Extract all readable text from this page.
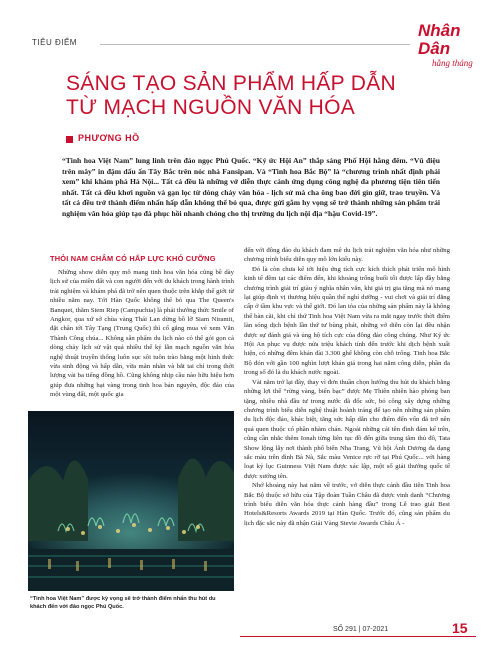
TIÊU ĐIỂM
Nhân Dân
hằng tháng
SÁNG TẠO SẢN PHẨM HẤP DẪN
TỪ MẠCH NGUỒN VĂN HÓA
PHƯƠNG HỒ
“Tinh hoa Việt Nam” lung linh trên đảo ngọc Phú Quốc. “Ký ức Hội An” thắp sáng Phố Hội hằng đêm. “Vũ điệu trên mây” in đậm dấu ấn Tây Bắc trên nóc nhà Fansipan. Và “Tinh hoa Bắc Bộ” là “chương trình nhất định phải xem” khi khám phá Hà Nội... Tất cả đều là những vở diễn thực cảnh ứng dụng công nghệ đa phương tiện tiên tiến nhất. Tất cả đều khơi nguồn và gạn lọc từ dòng chảy văn hóa - lịch sử mà cha ông bao đời gìn giữ, trao truyền. Và tất cả đều trở thành điểm nhấn hấp dẫn không thể bỏ qua, được gửi gắm hy vọng sẽ trở thành những sản phẩm trải nghiệm văn hóa giúp tạo đà phục hồi nhanh chóng cho thị trường du lịch nội địa “hậu Covid-19”.
THỎI NAM CHÂM CÓ HẤP LỰC KHÓ CƯỠNG

Những show diễn quy mô mang tinh hoa văn hóa cũng bề dày lịch sử của miền đất và con người đến với du khách trong hành trình trải nghiệm và khám phá đã trở nên quen thuộc trên khắp thế giới từ nhiều năm nay. Tới Hàn Quốc không thể bỏ qua The Queen's Banquet, thăm Siem Riep (Campuchia) là phải thưởng thức Smile of Angkor, qua xứ sở chùa vàng Thái Lan dừng bồ lỡ Siam Niramit, đặt chân tới Tây Tạng (Trung Quốc) thì cố gắng mua vé xem Văn Thành Công chúa... Không sân phẩm du lịch nào có thể gói gọn cả dòng chảy lịch sử vật quá nhiều thế kỷ lẫn mạch nguồn văn hóa nghệ thuật truyền thống luôn sục sôi tuôn trào bằng một hình thức vừa sinh động và hấp dẫn, vừa mãn nhãn và bắt tai chỉ trong thời lượng vài ba tiếng đồng hồ. Cũng không nhịp cầu nào hữu hiệu hơn giúp đưa những hạt vàng trong tinh hoa bản nguyên, độc đáo của một vùng đất, một quốc gia

đến với đông đảo du khách đam mê du lịch trải nghiệm văn hóa như những chương trình biểu diễn quy mô lớn kiểu này.

Đó là còn chưa kể tới hiệu ứng tích cực kích thích phát triển mô hình kinh tế đêm tại các điểm đến, khi khoảng trống buổi tối được lấp đầy bằng chương trình giải trí giàu ý nghĩa nhân văn, khi giá trị gia tăng mà nó mang lại giúp định vị thương hiệu quần thể nghỉ dưỡng - vui chơi và giải trí đẳng cấp ở tầm khu vực và thế giới. Đó lan tỏa của những sản phẩm này là không thể bàn cãi, khi chỉ thứ Tinh hoa Việt Nam vừa ra mắt ngay trước thời điểm làn sóng dịch bệnh lần thứ tư bùng phát, những vở diễn còn lại đều nhận được sự đánh giá và ủng hộ tích cực của đông đảo công chúng. Như Ký ức Hội An phục vụ được nửa triệu khách tính đến trước khi dịch bệnh xuất hiện, có những đêm khán đài 3.300 ghế không còn chỗ trống. Tinh hoa Bắc Bộ đón với gần 100 nghìn lượt khán giả trong hai năm công diễn, phần đa trong số đó là du khách nước ngoài.

Vài năm trở lại đây, thay vì đơn thuần chọn hướng thu hút du khách bằng những lợi thế “rừng vàng, biển bạc” được Mẹ Thiên nhiên hào phóng ban tặng, nhiều nhà đầu tư trong nước đã đốc sức, bỏ công xây dựng những chương trình biểu diễn nghệ thuật hoành tráng để tạo nên những sản phẩm du lịch độc đáo, khác biệt, tăng sức hấp dẫn cho điểm đến vốn đã trở nên quá quen thuộc có phần nhàm chán. Ngoài những cái tên đình đám kể trên, cũng cần nhắc thêm Ionah từng liên tục đồ đến giữa trung tâm thủ đô, Tata Show lộng lẫy nơi thành phố biển Nha Trang, Vũ hội Ánh Dương đa dạng sắc màu trên đỉnh Bà Nà, Sắc màu Venice rực rỡ tại Phú Quốc... với hàng loạt kỷ lục Guinness Việt Nam được xác lập, một số giải thưởng quốc tế được xướng tên.

Nhớ khoảng này hai năm về trước, vở diễn thực cảnh đầu tiên Tinh hoa Bắc Bộ thuộc sở hữu của Tập đoàn Tuần Châu đã được vinh danh “Chương trình biểu diễn văn hóa thực cảnh hàng đầu” trong Lễ trao giải Best Hotels&Resorts Awards 2019 tại Hàn Quốc. Trước đó, cũng sản phẩm du lịch đặc sắc này đã nhận Giải Vàng Stevie Awards Châu Á -

“Tinh hoa Việt Nam” được kỳ vọng sẽ trở thành điểm nhấn thu hút du khách đến với đảo ngọc Phú Quốc.
SỐ 291 | 07-2021	15
